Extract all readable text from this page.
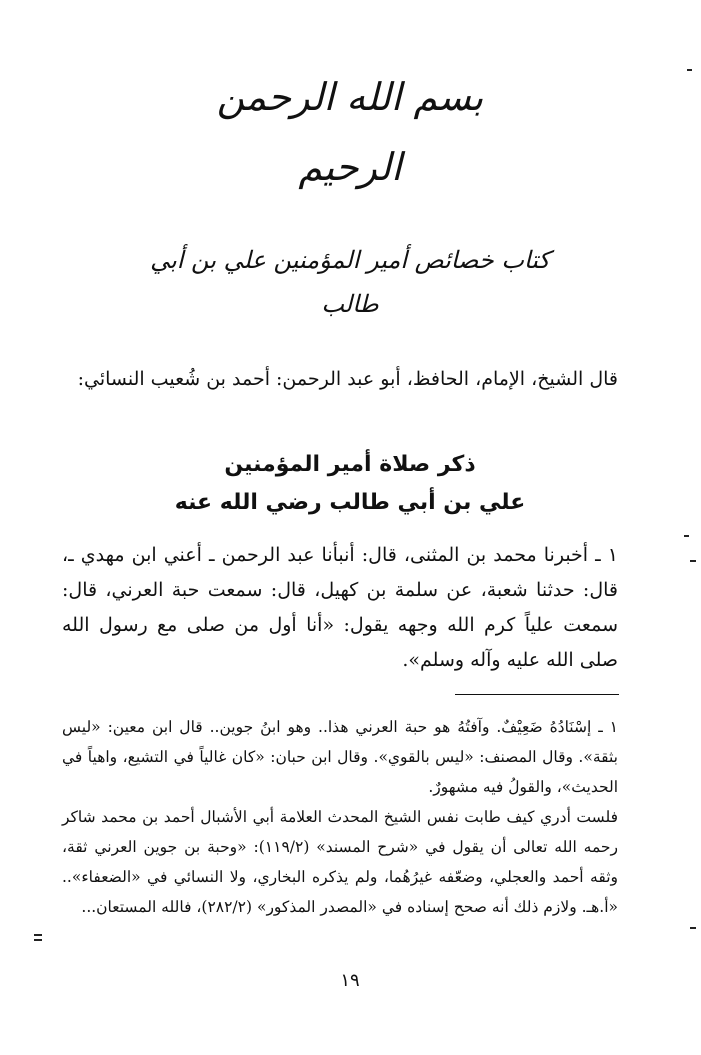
بسم الله الرحمن الرحيم
كتاب خصائص أمير المؤمنين علي بن أبي طالب
قال الشيخ، الإمام، الحافظ، أبو عبد الرحمن: أحمد بن شُعيب النسائي:
ذكر صلاة أمير المؤمنين
علي بن أبي طالب رضي الله عنه
١ ـ أخبرنا محمد بن المثنى، قال: أنبأنا عبد الرحمن ـ أعني ابن مهدي ـ، قال: حدثنا شعبة، عن سلمة بن كهيل، قال: سمعت حبة العرني، قال: سمعت علياً كرم الله وجهه يقول: «أنا أول من صلى مع رسول الله صلى الله عليه وآله وسلم».

١ ـ إسْنَادُهُ ضَعِيْفٌ. وآفتُهُ هو حبة العرني هذا.. وهو ابنُ جوين.. قال ابن معين: «ليس بثقة». وقال المصنف: «ليس بالقوي». وقال ابن حبان: «كان غالياً في التشيع، واهياً في الحديث»، والقولُ فيه مشهورٌ.

فلست أدري كيف طابت نفس الشيخ المحدث العلامة أبي الأشبال أحمد بن محمد شاكر رحمه الله تعالى أن يقول في «شرح المسند» (١١٩/٢): «وحبة بن جوين العرني ثقة، وثقه أحمد والعجلي، وضعّفه غيرُهُما، ولم يذكره البخاري، ولا النسائي في «الضعفاء».. «أ.هـ. ولازم ذلك أنه صحح إسناده في «المصدر المذكور» (٢٨٢/٢)، فالله المستعان...

١٩
